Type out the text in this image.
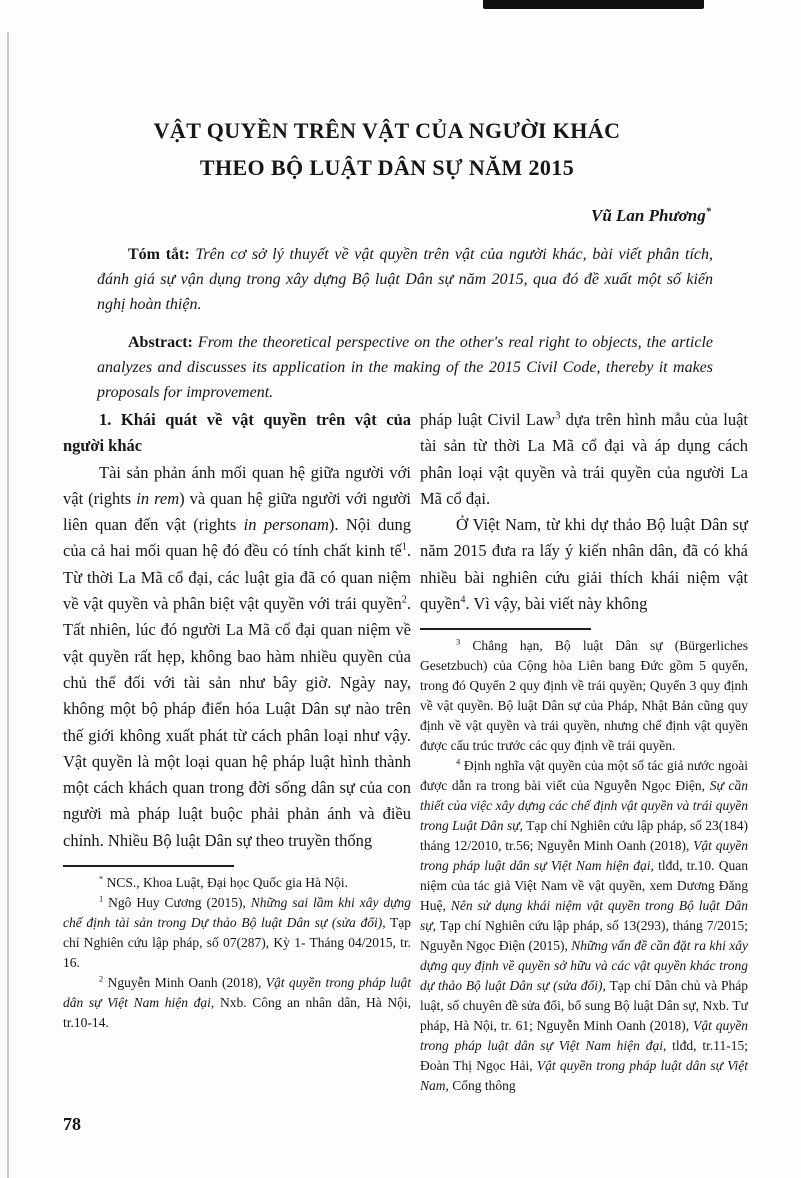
VẬT QUYỀN TRÊN VẬT CỦA NGƯỜI KHÁC
THEO BỘ LUẬT DÂN SỰ NĂM 2015
Vũ Lan Phương*
Tóm tắt: Trên cơ sở lý thuyết về vật quyền trên vật của người khác, bài viết phân tích, đánh giá sự vận dụng trong xây dựng Bộ luật Dân sự năm 2015, qua đó đề xuất một số kiến nghị hoàn thiện.
Abstract: From the theoretical perspective on the other's real right to objects, the article analyzes and discusses its application in the making of the 2015 Civil Code, thereby it makes proposals for improvement.

1. Khái quát về vật quyền trên vật của người khác

Tài sản phản ánh mối quan hệ giữa người với vật (rights in rem) và quan hệ giữa người với người liên quan đến vật (rights in personam). Nội dung của cả hai mối quan hệ đó đều có tính chất kinh tế$^1$. Từ thời La Mã cổ đại, các luật gia đã có quan niệm về vật quyền và phân biệt vật quyền với trái quyền$^2$. Tất nhiên, lúc đó người La Mã cổ đại quan niệm về vật quyền rất hẹp, không bao hàm nhiều quyền của chủ thể đối với tài sản như bây giờ. Ngày nay, không một bộ pháp điển hóa Luật Dân sự nào trên thế giới không xuất phát từ cách phân loại như vậy. Vật quyền là một loại quan hệ pháp luật hình thành một cách khách quan trong đời sống dân sự của con người mà pháp luật buộc phải phản ánh và điều chỉnh. Nhiều Bộ luật Dân sự theo truyền thống

* NCS., Khoa Luật, Đại học Quốc gia Hà Nội.

$^1$ Ngô Huy Cương (2015), Những sai lầm khi xây dựng chế định tài sản trong Dự thảo Bộ luật Dân sự (sửa đổi), Tạp chí Nghiên cứu lập pháp, số 07(287), Kỳ 1- Tháng 04/2015, tr. 16.

$^2$ Nguyễn Minh Oanh (2018), Vật quyền trong pháp luật dân sự Việt Nam hiện đại, Nxb. Công an nhân dân, Hà Nội, tr.10-14.

pháp luật Civil Law$^3$ dựa trên hình mẫu của luật tài sản từ thời La Mã cổ đại và áp dụng cách phân loại vật quyền và trái quyền của người La Mã cổ đại.

Ở Việt Nam, từ khi dự thảo Bộ luật Dân sự năm 2015 đưa ra lấy ý kiến nhân dân, đã có khá nhiều bài nghiên cứu giải thích khái niệm vật quyền$^4$. Vì vậy, bài viết này không

$^3$ Chẳng hạn, Bộ luật Dân sự (Bürgerliches Gesetzbuch) của Cộng hòa Liên bang Đức gồm 5 quyển, trong đó Quyển 2 quy định về trái quyền; Quyển 3 quy định về vật quyền. Bộ luật Dân sự của Pháp, Nhật Bản cũng quy định về vật quyền và trái quyền, nhưng chế định vật quyền được cấu trúc trước các quy định về trái quyền.

$^4$ Định nghĩa vật quyền của một số tác giả nước ngoài được dẫn ra trong bài viết của Nguyễn Ngọc Điện, Sự cần thiết của việc xây dựng các chế định vật quyền và trái quyền trong Luật Dân sự, Tạp chí Nghiên cứu lập pháp, số 23(184) tháng 12/2010, tr.56; Nguyễn Minh Oanh (2018), Vật quyền trong pháp luật dân sự Việt Nam hiện đại, tlđd, tr.10. Quan niệm của tác giả Việt Nam về vật quyền, xem Dương Đăng Huệ, Nên sử dụng khái niệm vật quyền trong Bộ luật Dân sự, Tạp chí Nghiên cứu lập pháp, số 13(293), tháng 7/2015; Nguyễn Ngọc Điện (2015), Những vấn đề cần đặt ra khi xây dựng quy định về quyền sở hữu và các vật quyền khác trong dự thảo Bộ luật Dân sự (sửa đổi), Tạp chí Dân chủ và Pháp luật, số chuyên đề sửa đổi, bổ sung Bộ luật Dân sự, Nxb. Tư pháp, Hà Nội, tr. 61; Nguyễn Minh Oanh (2018), Vật quyền trong pháp luật dân sự Việt Nam hiện đại, tlđd, tr.11-15; Đoàn Thị Ngọc Hải, Vật quyền trong pháp luật dân sự Việt Nam, Cổng thông

78
